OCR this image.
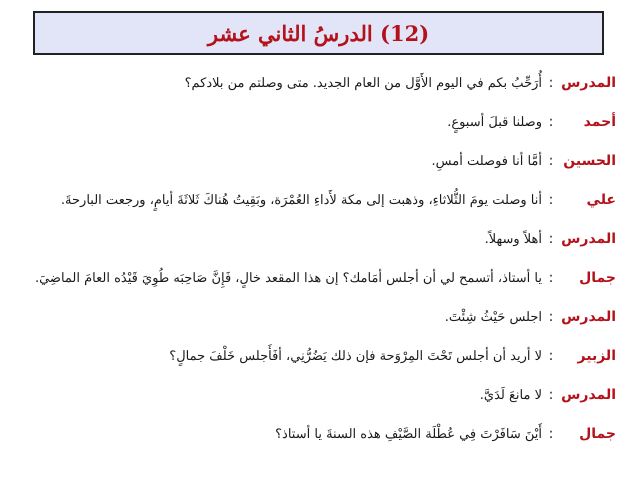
(12) الدرسُ الثاني عشر
المدرس
:
أُرَحِّبُ بكم في اليوم الأَوَّل من العام الجديد. متى وصلتم من بلادكم؟
أحمد
:
وصلنا قبلَ أسبوعٍ.
الحسين
:
أمَّا أنا فوصلت أمسِ.
علي
:
أنا وصلت يومَ الثُّلاثاءِ، وذهبت إلى مكة لأَداءِ العُمْرَة، وبَقِيتُ هُناكَ ثَلاثَةَ أيامٍ، ورجعت البارحةَ.
المدرس
:
أهلاً وسهلاً.
جمال
:
يا أستاذ، أتسمح لي أن أجلس أمَامك؟ إن هذا المقعد خالٍ، فَإِنَّ صَاحِبَه طُوِيَ قَيْدُه العامَ الماضِيَ.
المدرس
:
اجلس حَيْثُ شِئْتَ.
الزبير
:
لا أريد أن أجلس تَحْتَ المِرْوَحة فإن ذلك يَضُرُّنِي، أفَأَجلس خَلْفَ جمالٍ؟
المدرس
:
لا مانعَ لَدَيَّ.
جمال
:
أَيْنَ سَافَرْتَ فِي عُطْلَة الصَّيْفِ هذه السنةَ يا أستاذ؟
